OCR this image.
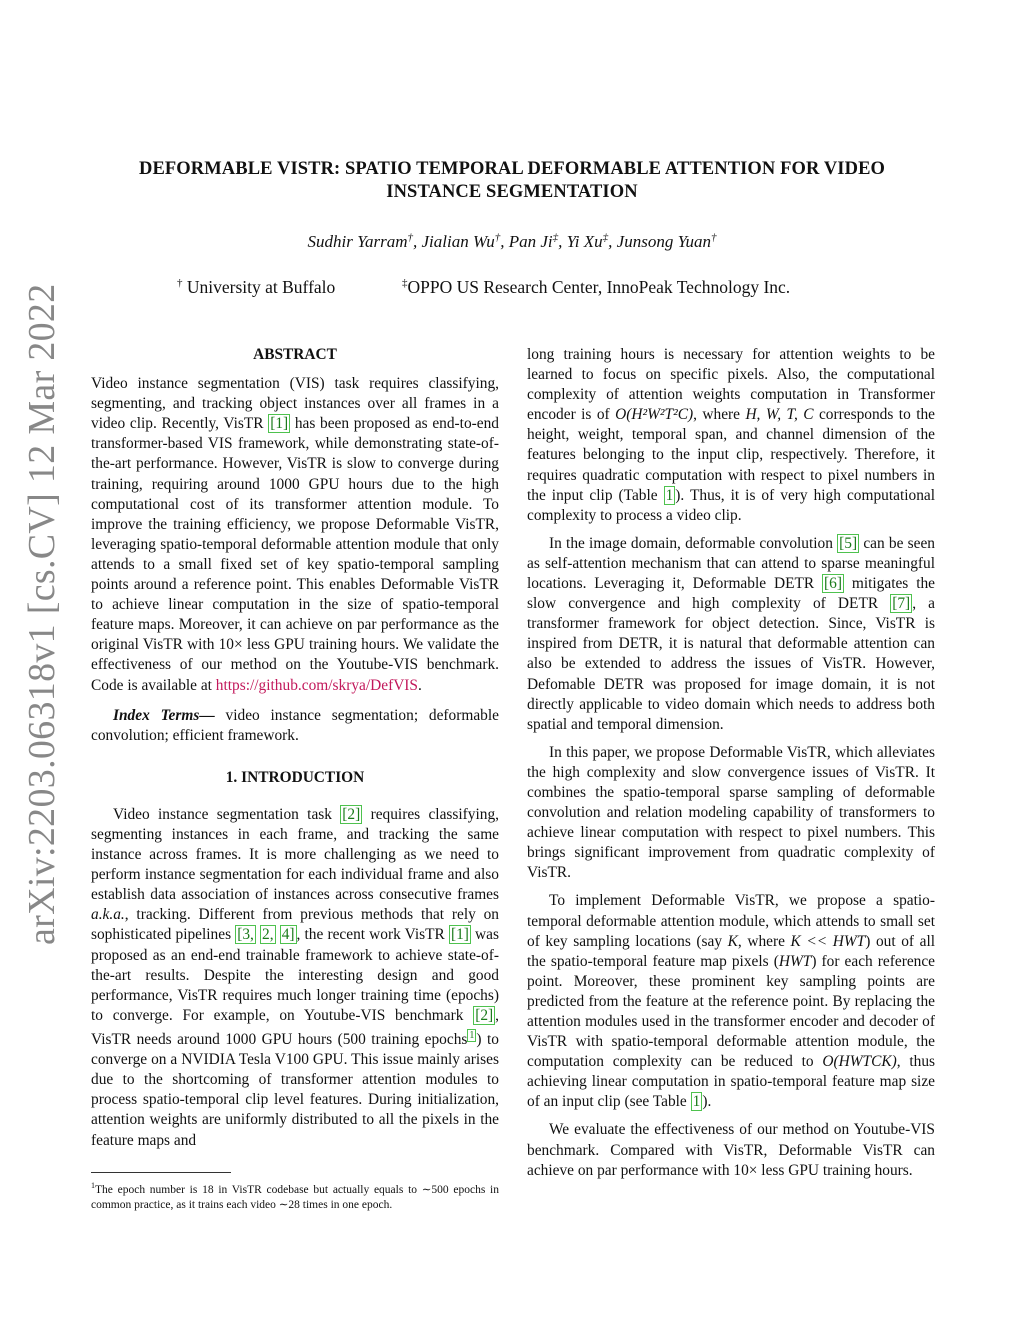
DEFORMABLE VISTR: SPATIO TEMPORAL DEFORMABLE ATTENTION FOR VIDEO
INSTANCE SEGMENTATION
Sudhir Yarram†, Jialian Wu†, Pan Ji‡, Yi Xu‡, Junsong Yuan†
† University at Buffalo	‡OPPO US Research Center, InnoPeak Technology Inc.
arXiv:2203.06318v1 [cs.CV] 12 Mar 2022	ABSTRACT

Video instance segmentation (VIS) task requires classifying, segmenting, and tracking object instances over all frames in a video clip. Recently, VisTR [1] has been proposed as end-to-end transformer-based VIS framework, while demonstrating state-of-the-art performance. However, VisTR is slow to converge during training, requiring around 1000 GPU hours due to the high computational cost of its transformer attention module. To improve the training efficiency, we propose Deformable VisTR, leveraging spatio-temporal deformable attention module that only attends to a small fixed set of key spatio-temporal sampling points around a reference point. This enables Deformable VisTR to achieve linear computation in the size of spatio-temporal feature maps. Moreover, it can achieve on par performance as the original VisTR with 10× less GPU training hours. We validate the effectiveness of our method on the Youtube-VIS benchmark. Code is available at https://github.com/skrya/DefVIS.

Index Terms— video instance segmentation; deformable convolution; efficient framework.

1. INTRODUCTION

Video instance segmentation task [2] requires classifying, segmenting instances in each frame, and tracking the same instance across frames. It is more challenging as we need to perform instance segmentation for each individual frame and also establish data association of instances across consecutive frames a.k.a., tracking. Different from previous methods that rely on sophisticated pipelines [3, 2, 4] , the recent work VisTR [1] was proposed as an end-end trainable framework to achieve state-of-the-art results. Despite the interesting design and good performance, VisTR requires much longer training time (epochs) to converge. For example, on Youtube-VIS benchmark [2] , VisTR needs around 1000 GPU hours (500 training epochs $^1$ ) to converge on a NVIDIA Tesla V100 GPU. This issue mainly arises due to the shortcoming of transformer attention modules to process spatio-temporal clip level features. During initialization, attention weights are uniformly distributed to all the pixels in the feature maps and

long training hours is necessary for attention weights to be learned to focus on specific pixels. Also, the computational complexity of attention weights computation in Transformer encoder is of O(H²W²T²C), where H, W, T, C corresponds to the height, weight, temporal span, and channel dimension of the features belonging to the input clip, respectively. Therefore, it requires quadratic computation with respect to pixel numbers in the input clip (Table 1 ). Thus, it is of very high computational complexity to process a video clip.

In the image domain, deformable convolution [5] can be seen as self-attention mechanism that can attend to sparse meaningful locations. Leveraging it, Deformable DETR [6] mitigates the slow convergence and high complexity of DETR [7] , a transformer framework for object detection. Since, VisTR is inspired from DETR, it is natural that deformable attention can also be extended to address the issues of VisTR. However, Defomable DETR was proposed for image domain, it is not directly applicable to video domain which needs to address both spatial and temporal dimension.

In this paper, we propose Deformable VisTR, which alleviates the high complexity and slow convergence issues of VisTR. It combines the spatio-temporal sparse sampling of deformable convolution and relation modeling capability of transformers to achieve linear computation with respect to pixel numbers. This brings significant improvement from quadratic complexity of VisTR.

To implement Deformable VisTR, we propose a spatio-temporal deformable attention module, which attends to small set of key sampling locations (say K, where K << HWT) out of all the spatio-temporal feature map pixels (HWT) for each reference point. Moreover, these prominent key sampling points are predicted from the feature at the reference point. By replacing the attention modules used in the transformer encoder and decoder of VisTR with spatio-temporal deformable attention module, the computation complexity can be reduced to O(HWTCK), thus achieving linear computation in spatio-temporal feature map size of an input clip (see Table 1 ).

We evaluate the effectiveness of our method on Youtube-VIS benchmark. Compared with VisTR, Deformable VisTR can achieve on par performance with 10× less GPU training hours.

$^1$The epoch number is 18 in VisTR codebase but actually equals to ∼500 epochs in common practice, as it trains each video ∼28 times in one epoch.
